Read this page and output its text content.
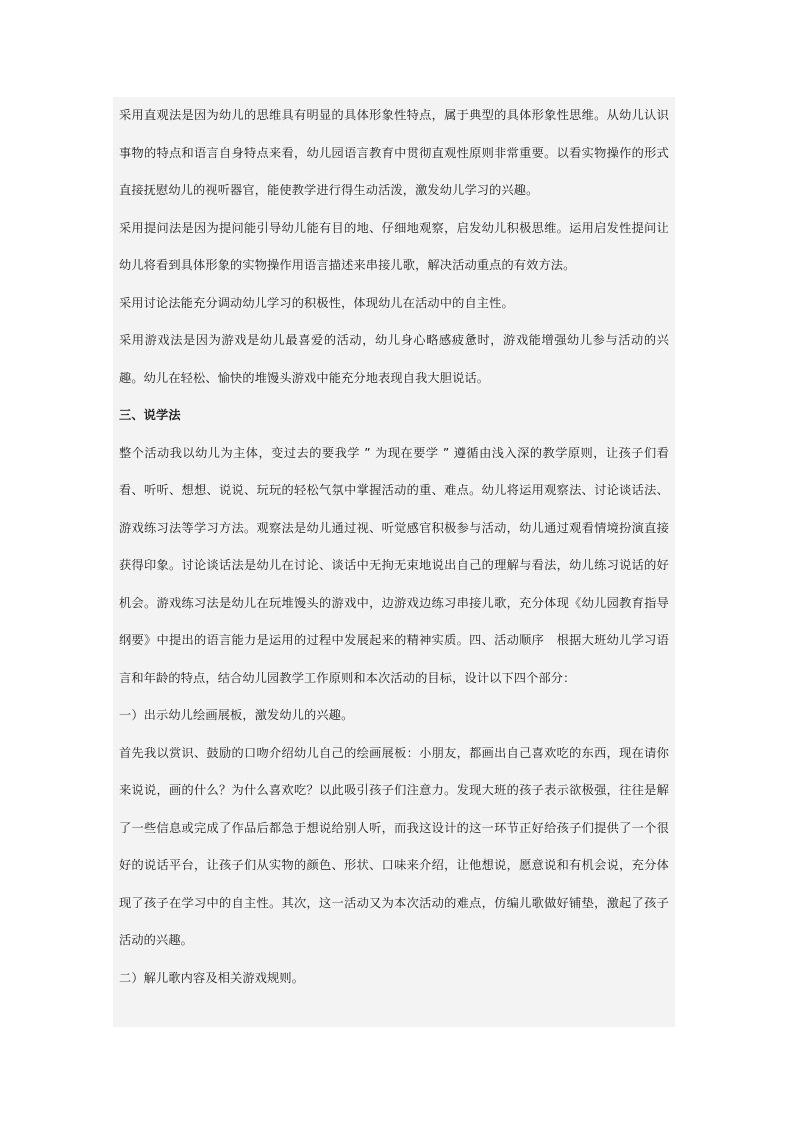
采用直观法是因为幼儿的思维具有明显的具体形象性特点，属于典型的具体形象性思维。从幼儿认识事物的特点和语言自身特点来看，幼儿园语言教育中贯彻直观性原则非常重要。以看实物操作的形式直接抚慰幼儿的视听器官，能使教学进行得生动活泼，激发幼儿学习的兴趣。

采用提问法是因为提问能引导幼儿能有目的地、仔细地观察，启发幼儿积极思维。运用启发性提问让幼儿将看到具体形象的实物操作用语言描述来串接儿歌，解决活动重点的有效方法。

采用讨论法能充分调动幼儿学习的积极性，体现幼儿在活动中的自主性。

采用游戏法是因为游戏是幼儿最喜爱的活动，幼儿身心略感疲惫时，游戏能增强幼儿参与活动的兴趣。幼儿在轻松、愉快的堆馒头游戏中能充分地表现自我大胆说话。

三、说学法

整个活动我以幼儿为主体，变过去的要我学 ” 为现在要学 ” 遵循由浅入深的教学原则，让孩子们看看、听听、想想、说说、玩玩的轻松气氛中掌握活动的重、难点。幼儿将运用观察法、讨论谈话法、游戏练习法等学习方法。观察法是幼儿通过视、听觉感官积极参与活动，幼儿通过观看情境扮演直接获得印象。讨论谈话法是幼儿在讨论、谈话中无拘无束地说出自己的理解与看法，幼儿练习说话的好机会。游戏练习法是幼儿在玩堆馒头的游戏中，边游戏边练习串接儿歌，充分体现《幼儿园教育指导纲要》中提出的语言能力是运用的过程中发展起来的精神实质。四、活动顺序　根据大班幼儿学习语言和年龄的特点，结合幼儿园教学工作原则和本次活动的目标，设计以下四个部分：

一）出示幼儿绘画展板，激发幼儿的兴趣。

首先我以赏识、鼓励的口吻介绍幼儿自己的绘画展板：小朋友，都画出自己喜欢吃的东西，现在请你来说说，画的什么？为什么喜欢吃？以此吸引孩子们注意力。发现大班的孩子表示欲极强，往往是解了一些信息或完成了作品后都急于想说给别人听，而我这设计的这一环节正好给孩子们提供了一个很好的说话平台，让孩子们从实物的颜色、形状、口味来介绍，让他想说，愿意说和有机会说，充分体现了孩子在学习中的自主性。其次，这一活动又为本次活动的难点，仿编儿歌做好铺垫，激起了孩子活动的兴趣。

二）解儿歌内容及相关游戏规则。
